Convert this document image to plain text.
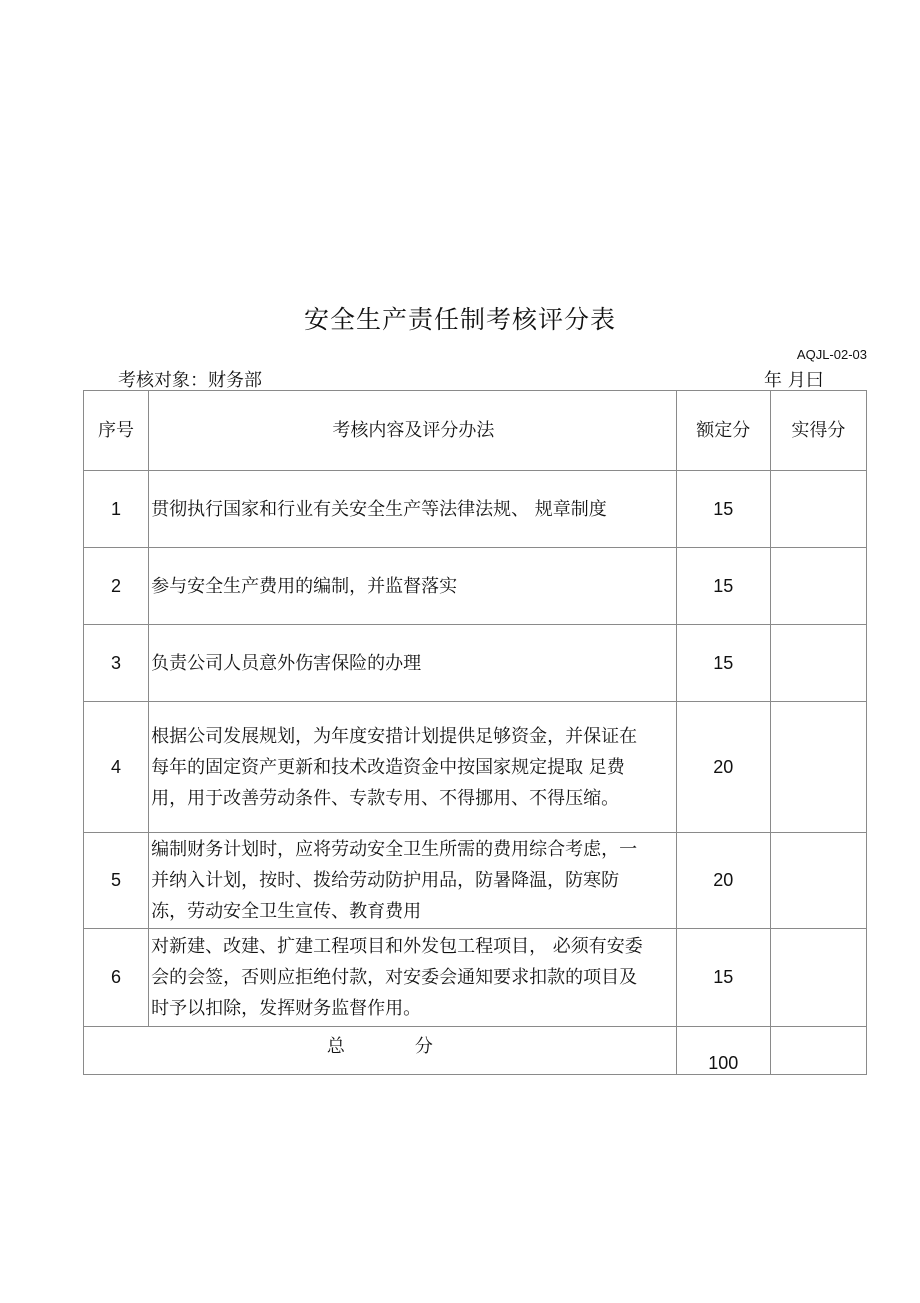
安全生产责任制考核评分表
AQJL-02-03
考核对象：财务部	年 月曰
序号	考核内容及评分办法	额定分	实得分
1	贯彻执行国家和行业有关安全生产等法律法规、 规章制度	15	
2	参与安全生产费用的编制，并监督落实	15	
3	负责公司人员意外伤害保险的办理	15	
4	根据公司发展规划，为年度安措计划提供足够资金，并保证在每年的固定资产更新和技术改造资金中按国家规定提取 足费用，用于改善劳动条件、专款专用、不得挪用、不得压缩。	20	
5	编制财务计划时，应将劳动安全卫生所需的费用综合考虑，一并纳入计划，按时、拨给劳动防护用品，防暑降温，防寒防冻，劳动安全卫生宣传、教育费用	20	
6	对新建、改建、扩建工程项目和外发包工程项目， 必须有安委会的会签，否则应拒绝付款，对安委会通知要求扣款的项目及时予以扣除，发挥财务监督作用。	15	
总 分		100	
